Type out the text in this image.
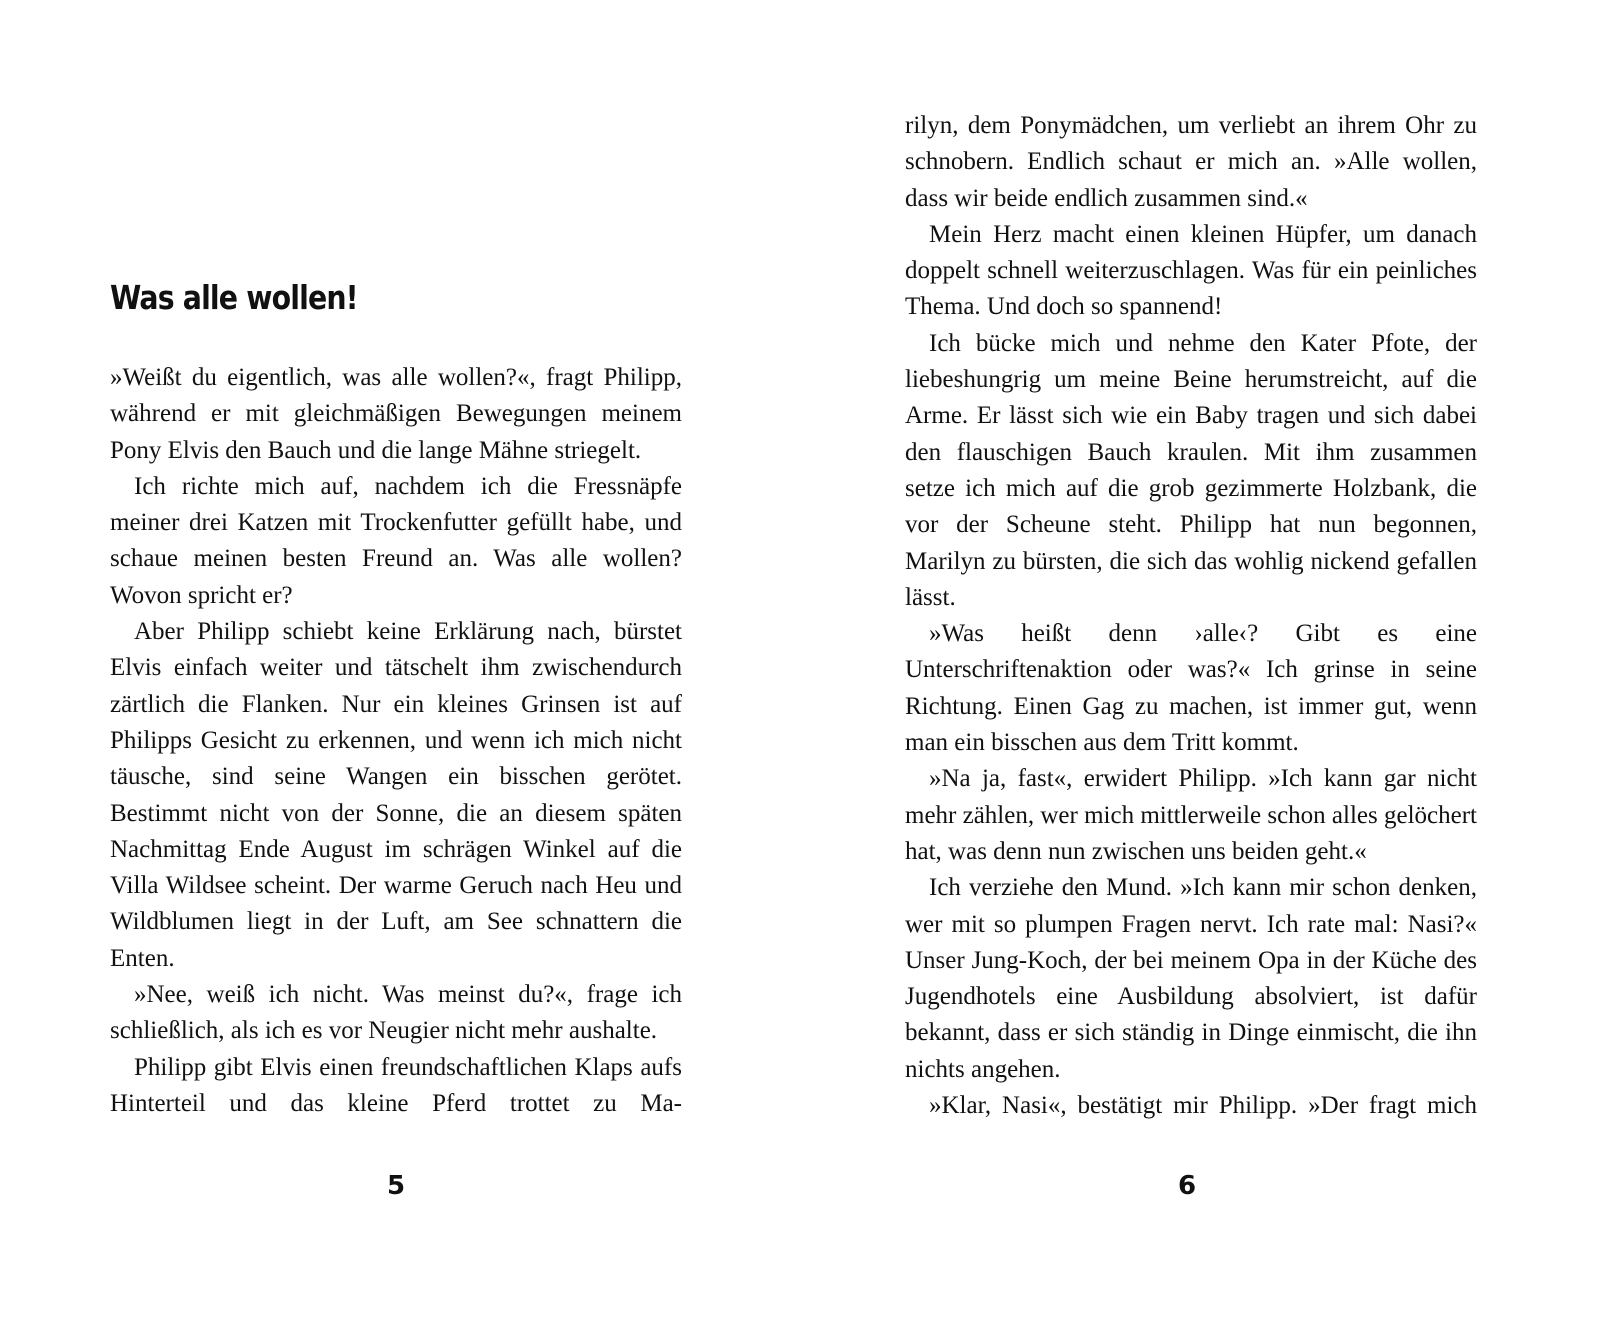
Was alle wollen!

»Weißt du eigentlich, was alle wollen?«, fragt Philipp, während er mit gleichmäßigen Bewegungen meinem Pony Elvis den Bauch und die lange Mähne striegelt.

Ich richte mich auf, nachdem ich die Fressnäpfe meiner drei Katzen mit Trockenfutter gefüllt habe, und schaue meinen besten Freund an. Was alle wollen? Wovon spricht er?

Aber Philipp schiebt keine Erklärung nach, bürstet Elvis einfach weiter und tätschelt ihm zwischendurch zärtlich die Flanken. Nur ein kleines Grinsen ist auf Philipps Gesicht zu erkennen, und wenn ich mich nicht täusche, sind seine Wangen ein bisschen gerötet. Bestimmt nicht von der Sonne, die an diesem späten Nachmittag Ende August im schrägen Winkel auf die Villa Wildsee scheint. Der warme Geruch nach Heu und Wildblumen liegt in der Luft, am See schnattern die Enten.

»Nee, weiß ich nicht. Was meinst du?«, frage ich schließlich, als ich es vor Neugier nicht mehr aushalte.

Philipp gibt Elvis einen freundschaftlichen Klaps aufs Hinterteil und das kleine Pferd trottet zu Ma-

5

rilyn, dem Ponymädchen, um verliebt an ihrem Ohr zu schnobern. Endlich schaut er mich an. »Alle wollen, dass wir beide endlich zusammen sind.«

Mein Herz macht einen kleinen Hüpfer, um danach doppelt schnell weiterzuschlagen. Was für ein peinliches Thema. Und doch so spannend!

Ich bücke mich und nehme den Kater Pfote, der liebeshungrig um meine Beine herumstreicht, auf die Arme. Er lässt sich wie ein Baby tragen und sich dabei den flauschigen Bauch kraulen. Mit ihm zusammen setze ich mich auf die grob gezimmerte Holzbank, die vor der Scheune steht. Philipp hat nun begonnen, Marilyn zu bürsten, die sich das wohlig nickend gefallen lässt.

»Was heißt denn ›alle‹? Gibt es eine Unterschriftenaktion oder was?« Ich grinse in seine Richtung. Einen Gag zu machen, ist immer gut, wenn man ein bisschen aus dem Tritt kommt.

»Na ja, fast«, erwidert Philipp. »Ich kann gar nicht mehr zählen, wer mich mittlerweile schon alles gelöchert hat, was denn nun zwischen uns beiden geht.«

Ich verziehe den Mund. »Ich kann mir schon denken, wer mit so plumpen Fragen nervt. Ich rate mal: Nasi?« Unser Jung-Koch, der bei meinem Opa in der Küche des Jugendhotels eine Ausbildung absolviert, ist dafür bekannt, dass er sich ständig in Dinge einmischt, die ihn nichts angehen.

»Klar, Nasi«, bestätigt mir Philipp. »Der fragt mich

6
